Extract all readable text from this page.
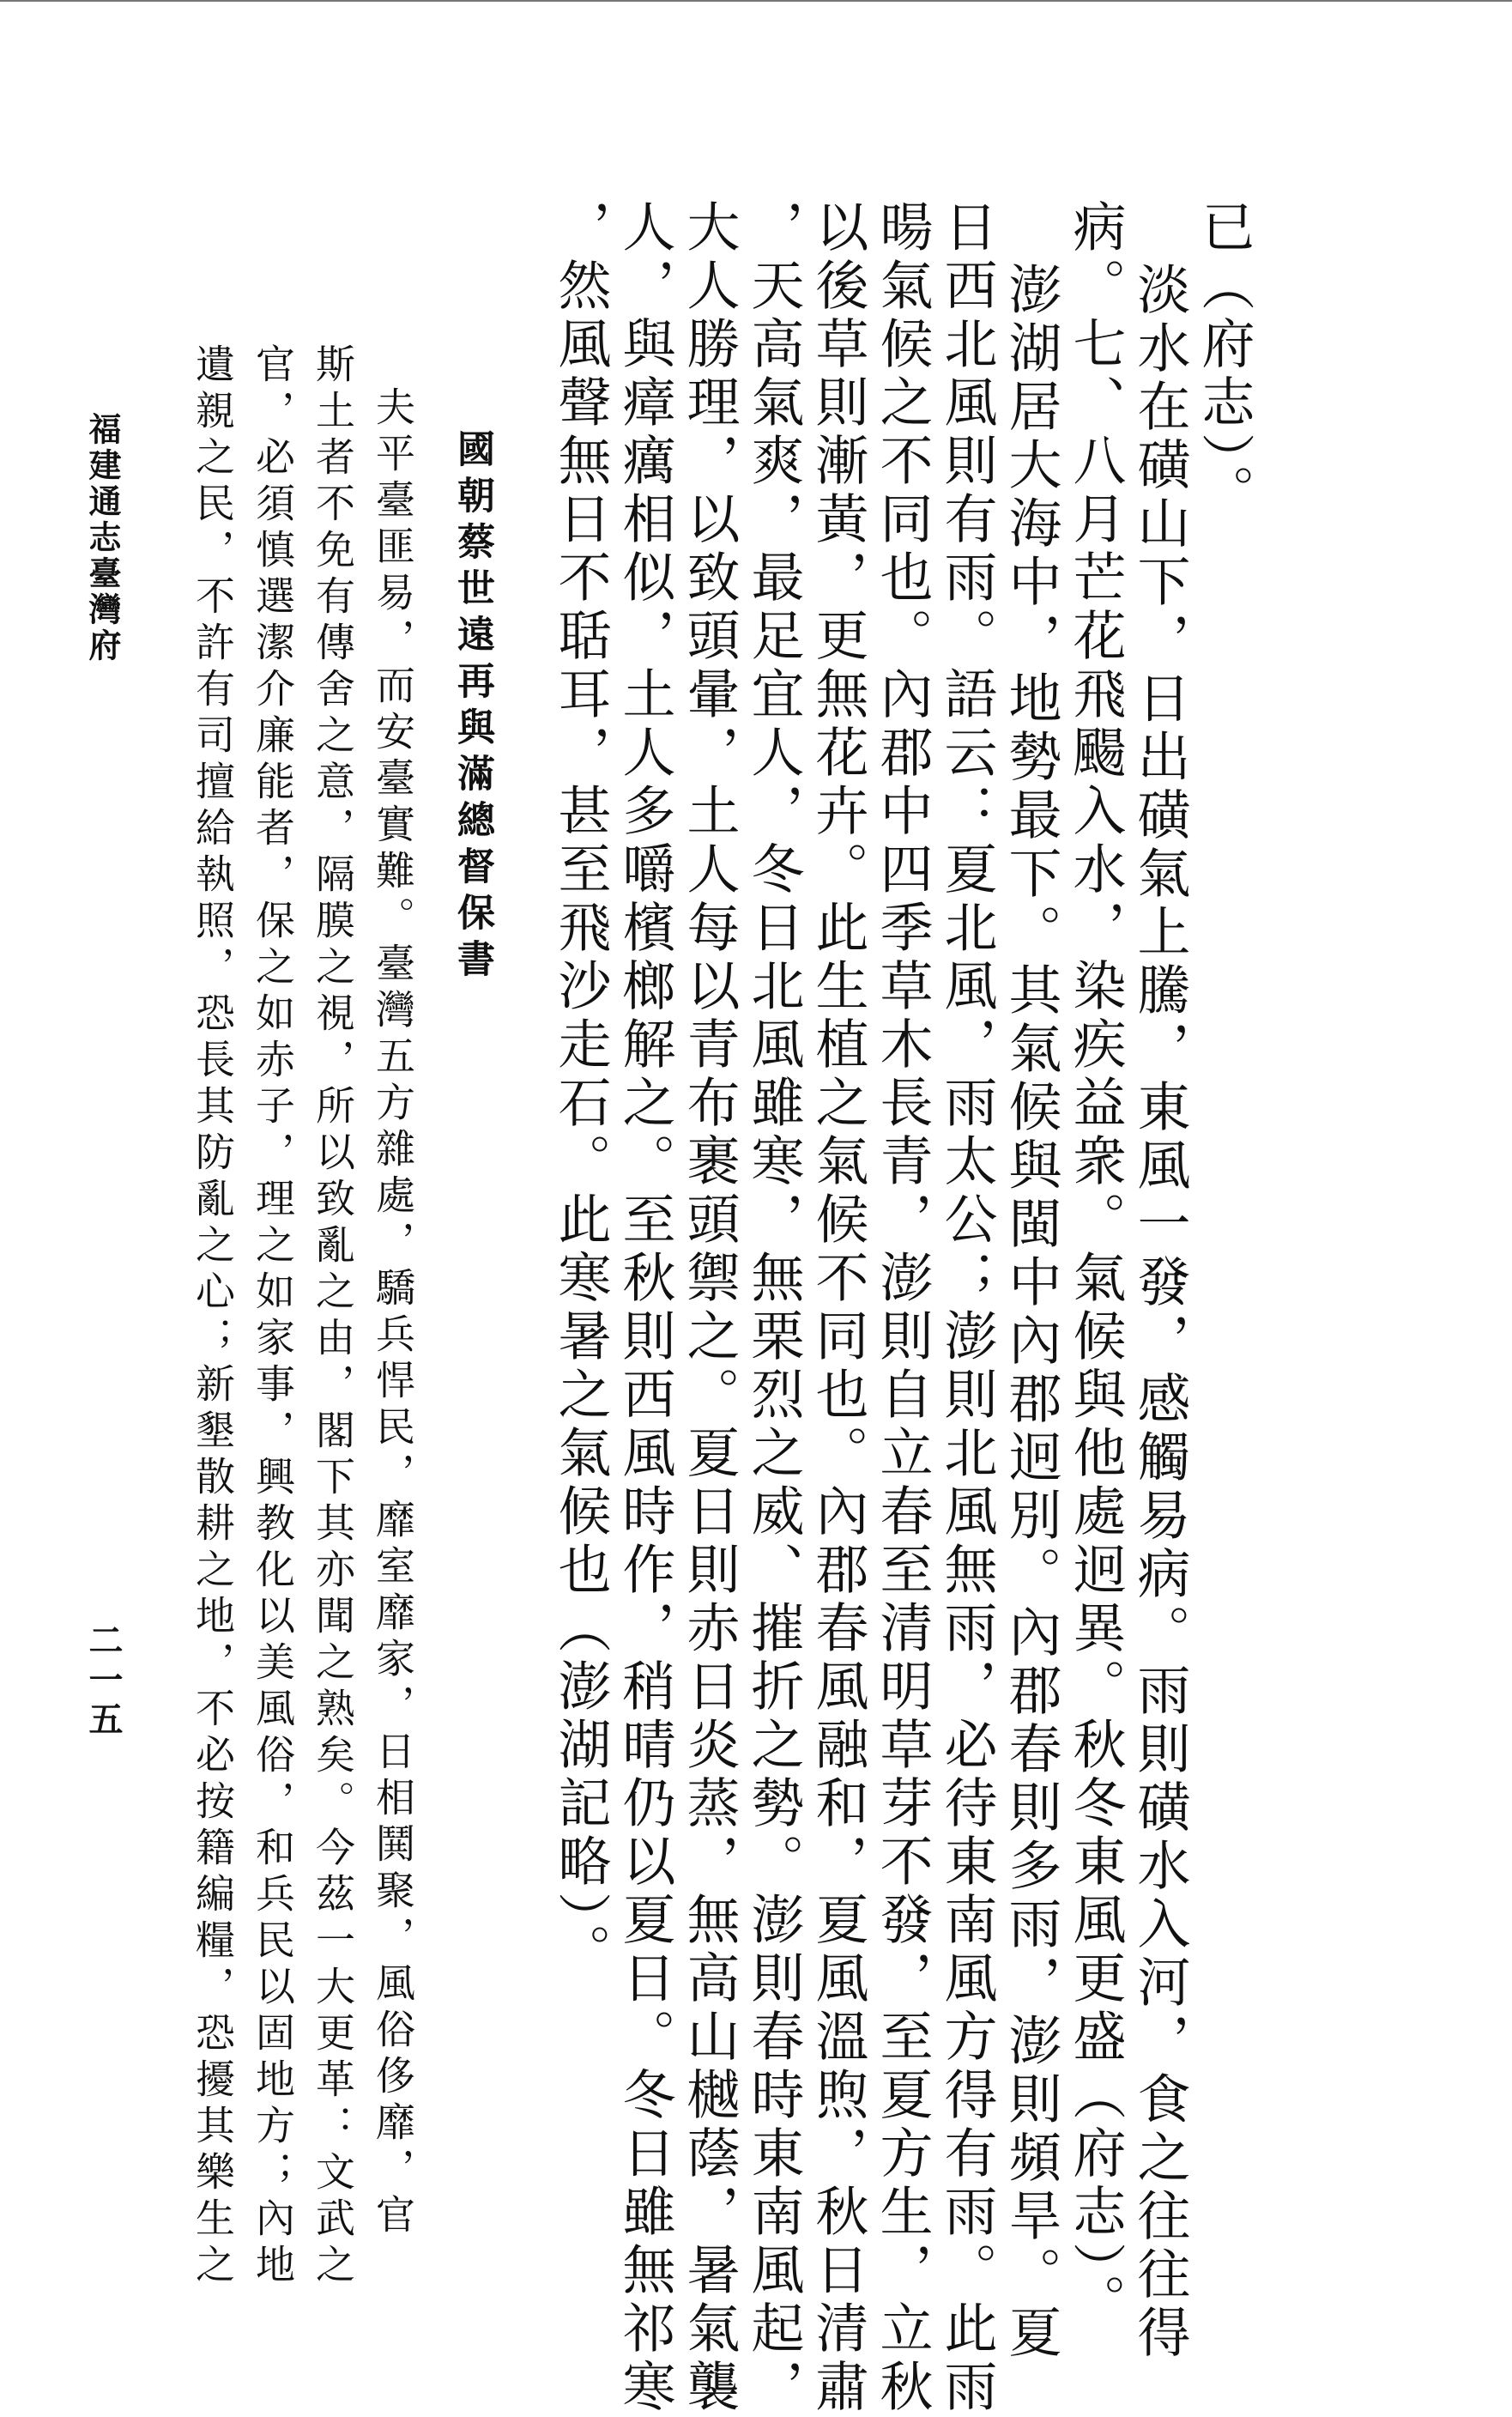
已（府志）。
淡水在磺山下，日出磺氣上騰，東風一發，感觸易病。雨則磺水入河，食之往往得
病。七、八月芒花飛颺入水，染疾益衆。氣候與他處迥異。秋冬東風更盛（府志）。
澎湖居大海中，地勢最下。其氣候與閩中內郡迥別。內郡春則多雨，澎則頻旱。夏
日西北風則有雨。語云：夏北風，雨太公；澎則北風無雨，必待東南風方得有雨。此雨
暘氣候之不同也。內郡中四季草木長青，澎則自立春至清明草芽不發，至夏方生，立秋
以後草則漸黃，更無花卉。此生植之氣候不同也。內郡春風融和，夏風溫煦，秋日清肅
，天高氣爽，最足宜人，冬日北風雖寒，無栗烈之威、摧折之勢。澎則春時東南風起，
大人勝理，以致頭暈，土人每以青布裹頭禦之。夏日則赤日炎蒸，無高山樾蔭，暑氣襲
人，與瘴癘相似，土人多嚼檳榔解之。至秋則西風時作，稍晴仍以夏日。冬日雖無祁寒
，然風聲無日不聒耳，甚至飛沙走石。此寒暑之氣候也（澎湖記略）。
國朝蔡世遠再與滿總督保書
夫平臺匪易，而安臺實難。臺灣五方雜處，驕兵悍民，靡室靡家，日相鬨聚，風俗侈靡，官
斯土者不免有傳舍之意，隔膜之視，所以致亂之由，閣下其亦聞之熟矣。今茲一大更革：文武之
官，必須慎選潔介廉能者，保之如赤子，理之如家事，興教化以美風俗，和兵民以固地方；內地
遺親之民，不許有司擅給執照，恐長其防亂之心；新墾散耕之地，不必按籍編糧，恐擾其樂生之
福建通志臺灣府
二一五
